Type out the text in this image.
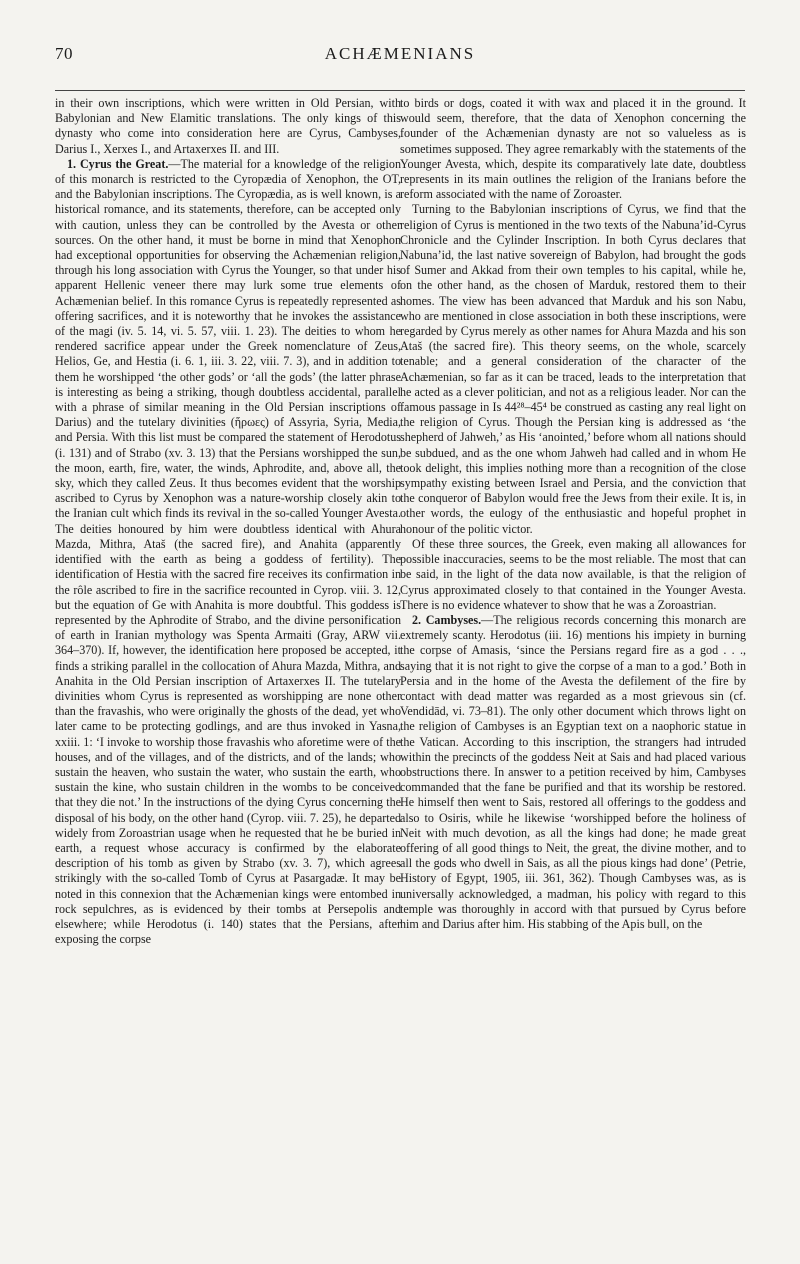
70	ACHÆMENIANS

in their own inscriptions, which were written in Old Persian, with Babylonian and New Elamitic translations. The only kings of this dynasty who come into consideration here are Cyrus, Cambyses, Darius I., Xerxes I., and Artaxerxes II. and III.

1. Cyrus the Great.—The material for a knowledge of the religion of this monarch is restricted to the Cyropædia of Xenophon, the OT, and the Babylonian inscriptions. The Cyropædia, as is well known, is a historical romance, and its statements, therefore, can be accepted only with caution, unless they can be controlled by the Avesta or other sources. On the other hand, it must be borne in mind that Xenophon had exceptional opportunities for observing the Achæmenian religion, through his long association with Cyrus the Younger, so that under his apparent Hellenic veneer there may lurk some true elements of Achæmenian belief. In this romance Cyrus is repeatedly represented as offering sacrifices, and it is noteworthy that he invokes the assistance of the magi (iv. 5. 14, vi. 5. 57, viii. 1. 23). The deities to whom he rendered sacrifice appear under the Greek nomenclature of Zeus, Helios, Ge, and Hestia (i. 6. 1, iii. 3. 22, viii. 7. 3), and in addition to them he worshipped ‘the other gods’ or ‘all the gods’ (the latter phrase is interesting as being a striking, though doubtless accidental, parallel with a phrase of similar meaning in the Old Persian inscriptions of Darius) and the tutelary divinities (ἥρωες) of Assyria, Syria, Media, and Persia. With this list must be compared the statement of Herodotus (i. 131) and of Strabo (xv. 3. 13) that the Persians worshipped the sun, the moon, earth, fire, water, the winds, Aphrodite, and, above all, the sky, which they called Zeus. It thus becomes evident that the worship ascribed to Cyrus by Xenophon was a nature-worship closely akin to the Iranian cult which finds its revival in the so-called Younger Avesta. The deities honoured by him were doubtless identical with Ahura Mazda, Mithra, Ataš (the sacred fire), and Anahita (apparently identified with the earth as being a goddess of fertility). The identification of Hestia with the sacred fire receives its confirmation in the rôle ascribed to fire in the sacrifice recounted in Cyrop. viii. 3. 12, but the equation of Ge with Anahita is more doubtful. This goddess is represented by the Aphrodite of Strabo, and the divine personification of earth in Iranian mythology was Spenta Armaiti (Gray, ARW vii. 364–370). If, however, the identification here proposed be accepted, it finds a striking parallel in the collocation of Ahura Mazda, Mithra, and Anahita in the Old Persian inscription of Artaxerxes II. The tutelary divinities whom Cyrus is represented as worshipping are none other than the fravashis, who were originally the ghosts of the dead, yet who later came to be protecting godlings, and are thus invoked in Yasna, xxiii. 1: ‘I invoke to worship those fravashis who aforetime were of the houses, and of the villages, and of the districts, and of the lands; who sustain the heaven, who sustain the water, who sustain the earth, who sustain the kine, who sustain children in the wombs to be conceived that they die not.’ In the instructions of the dying Cyrus concerning the disposal of his body, on the other hand (Cyrop. viii. 7. 25), he departed widely from Zoroastrian usage when he requested that he be buried in earth, a request whose accuracy is confirmed by the elaborate description of his tomb as given by Strabo (xv. 3. 7), which agrees strikingly with the so-called Tomb of Cyrus at Pasargadæ. It may be noted in this connexion that the Achæmenian kings were entombed in rock sepulchres, as is evidenced by their tombs at Persepolis and elsewhere; while Herodotus (i. 140) states that the Persians, after exposing the corpse

to birds or dogs, coated it with wax and placed it in the ground. It would seem, therefore, that the data of Xenophon concerning the founder of the Achæmenian dynasty are not so valueless as is sometimes supposed. They agree remarkably with the statements of the Younger Avesta, which, despite its comparatively late date, doubtless represents in its main outlines the religion of the Iranians before the reform associated with the name of Zoroaster.

Turning to the Babylonian inscriptions of Cyrus, we find that the religion of Cyrus is mentioned in the two texts of the Nabuna’id-Cyrus Chronicle and the Cylinder Inscription. In both Cyrus declares that Nabuna’id, the last native sovereign of Babylon, had brought the gods of Sumer and Akkad from their own temples to his capital, while he, on the other hand, as the chosen of Marduk, restored them to their homes. The view has been advanced that Marduk and his son Nabu, who are mentioned in close association in both these inscriptions, were regarded by Cyrus merely as other names for Ahura Mazda and his son Ataš (the sacred fire). This theory seems, on the whole, scarcely tenable; and a general consideration of the character of the Achæmenian, so far as it can be traced, leads to the interpretation that he acted as a clever politician, and not as a religious leader. Nor can the famous passage in Is 44²⁸–45⁴ be construed as casting any real light on the religion of Cyrus. Though the Persian king is addressed as ‘the shepherd of Jahweh,’ as His ‘anointed,’ before whom all nations should be subdued, and as the one whom Jahweh had called and in whom He took delight, this implies nothing more than a recognition of the close sympathy existing between Israel and Persia, and the conviction that the conqueror of Babylon would free the Jews from their exile. It is, in other words, the eulogy of the enthusiastic and hopeful prophet in honour of the politic victor.

Of these three sources, the Greek, even making all allowances for possible inaccuracies, seems to be the most reliable. The most that can be said, in the light of the data now available, is that the religion of Cyrus approximated closely to that contained in the Younger Avesta. There is no evidence whatever to show that he was a Zoroastrian.

2. Cambyses.—The religious records concerning this monarch are extremely scanty. Herodotus (iii. 16) mentions his impiety in burning the corpse of Amasis, ‘since the Persians regard fire as a god . . ., saying that it is not right to give the corpse of a man to a god.’ Both in Persia and in the home of the Avesta the defilement of the fire by contact with dead matter was regarded as a most grievous sin (cf. Vendidād, vi. 73–81). The only other document which throws light on the religion of Cambyses is an Egyptian text on a naophoric statue in the Vatican. According to this inscription, the strangers had intruded within the precincts of the goddess Neit at Sais and had placed various obstructions there. In answer to a petition received by him, Cambyses commanded that the fane be purified and that its worship be restored. He himself then went to Sais, restored all offerings to the goddess and also to Osiris, while he likewise ‘worshipped before the holiness of Neit with much devotion, as all the kings had done; he made great offering of all good things to Neit, the great, the divine mother, and to all the gods who dwell in Sais, as all the pious kings had done’ (Petrie, History of Egypt, 1905, iii. 361, 362). Though Cambyses was, as is universally acknowledged, a madman, his policy with regard to this temple was thoroughly in accord with that pursued by Cyrus before him and Darius after him. His stabbing of the Apis bull, on the
